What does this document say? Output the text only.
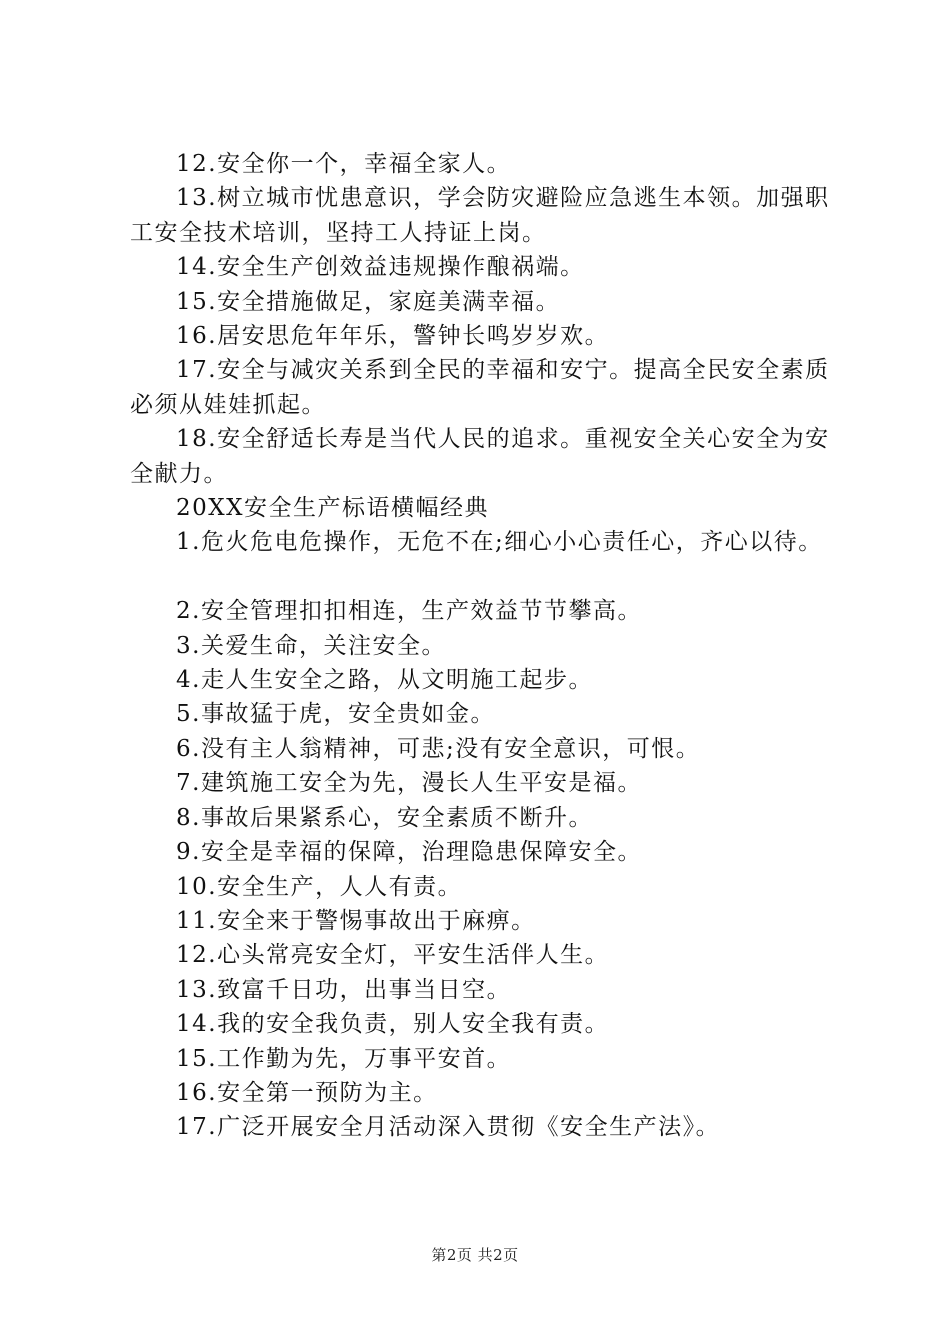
12.安全你一个，幸福全家人。

13.树立城市忧患意识，学会防灾避险应急逃生本领。加强职工安全技术培训，坚持工人持证上岗。

14.安全生产创效益违规操作酿祸端。

15.安全措施做足，家庭美满幸福。

16.居安思危年年乐，警钟长鸣岁岁欢。

17.安全与减灾关系到全民的幸福和安宁。提高全民安全素质必须从娃娃抓起。

18.安全舒适长寿是当代人民的追求。重视安全关心安全为安全献力。

20XX安全生产标语横幅经典

1.危火危电危操作，无危不在;细心小心责任心，齐心以待。

2.安全管理扣扣相连，生产效益节节攀高。

3.关爱生命，关注安全。

4.走人生安全之路，从文明施工起步。

5.事故猛于虎，安全贵如金。

6.没有主人翁精神，可悲;没有安全意识，可恨。

7.建筑施工安全为先，漫长人生平安是福。

8.事故后果紧系心，安全素质不断升。

9.安全是幸福的保障，治理隐患保障安全。

10.安全生产，人人有责。

11.安全来于警惕事故出于麻痹。

12.心头常亮安全灯，平安生活伴人生。

13.致富千日功，出事当日空。

14.我的安全我负责，别人安全我有责。

15.工作勤为先，万事平安首。

16.安全第一预防为主。

17.广泛开展安全月活动深入贯彻《安全生产法》。

第2页 共2页
